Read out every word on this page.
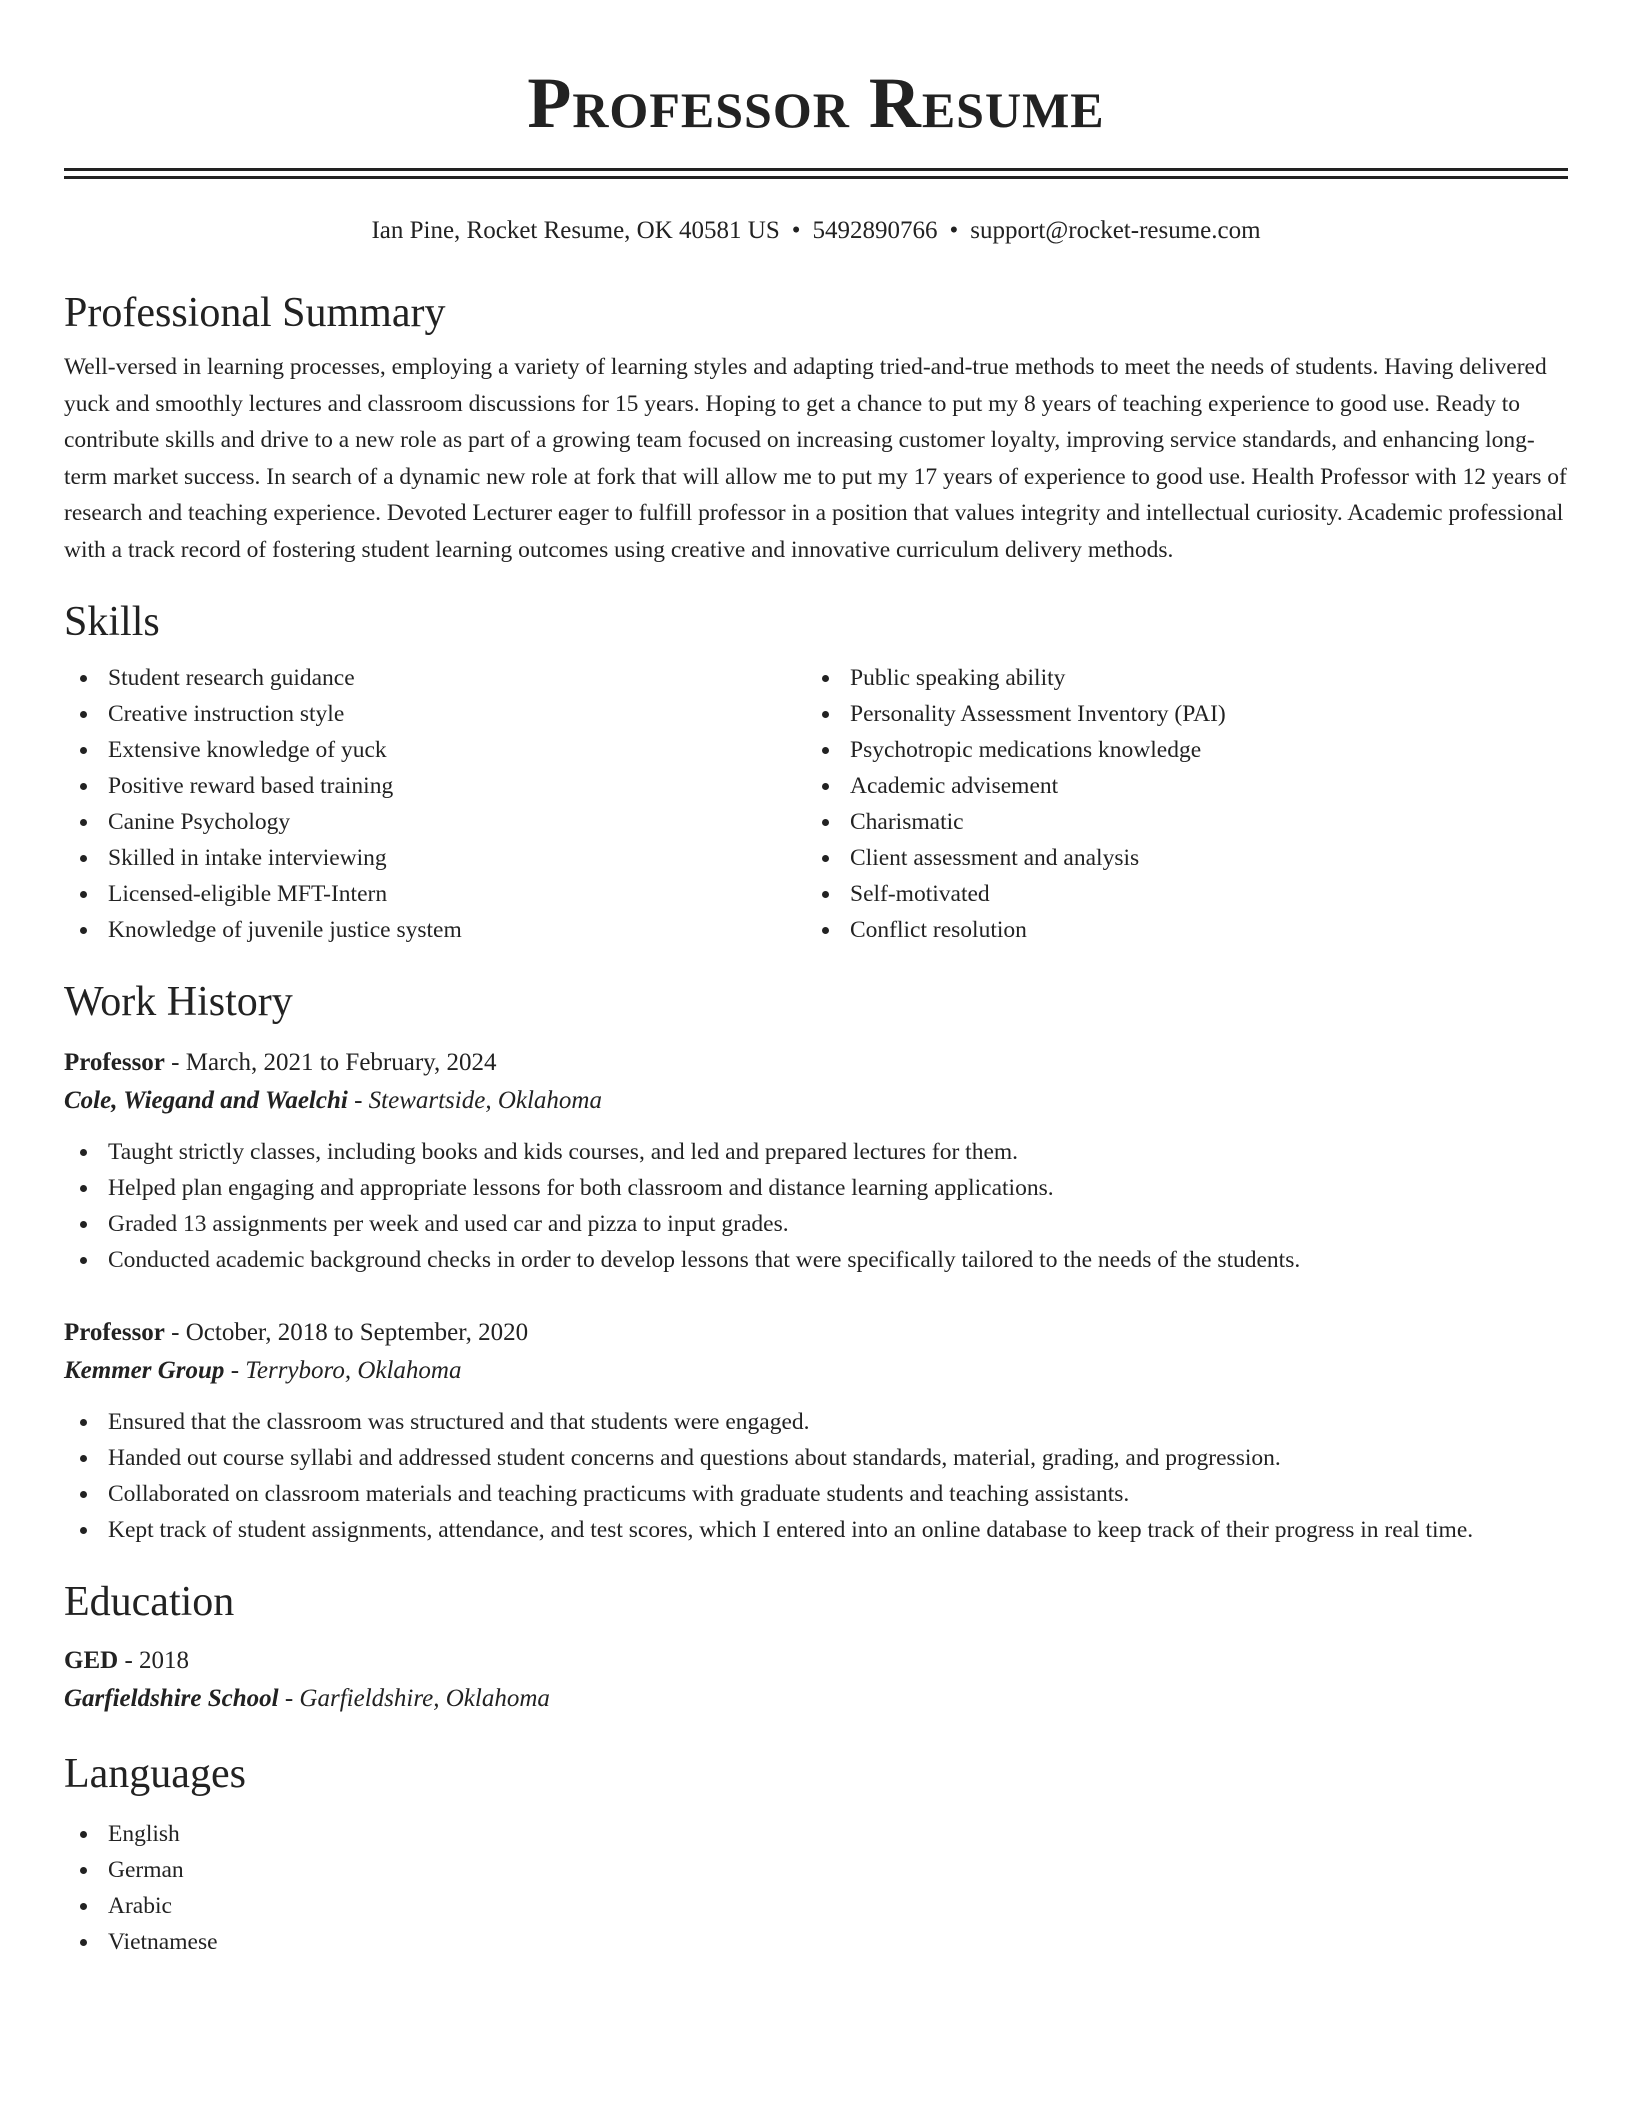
Professor Resume
Ian Pine, Rocket Resume, OK 40581 US • 5492890766 • support@rocket-resume.com
Professional Summary

Well-versed in learning processes, employing a variety of learning styles and adapting tried-and-true methods to meet the needs of students. Having delivered yuck and smoothly lectures and classroom discussions for 15 years. Hoping to get a chance to put my 8 years of teaching experience to good use. Ready to contribute skills and drive to a new role as part of a growing team focused on increasing customer loyalty, improving service standards, and enhancing long-term market success. In search of a dynamic new role at fork that will allow me to put my 17 years of experience to good use. Health Professor with 12 years of research and teaching experience. Devoted Lecturer eager to fulfill professor in a position that values integrity and intellectual curiosity. Academic professional with a track record of fostering student learning outcomes using creative and innovative curriculum delivery methods.

Skills
Student research guidance
Creative instruction style
Extensive knowledge of yuck
Positive reward based training
Canine Psychology
Skilled in intake interviewing
Licensed-eligible MFT-Intern
Knowledge of juvenile justice system
Public speaking ability
Personality Assessment Inventory (PAI)
Psychotropic medications knowledge
Academic advisement
Charismatic
Client assessment and analysis
Self-motivated
Conflict resolution
Work History
Professor - March, 2021 to February, 2024
Cole, Wiegand and Waelchi - Stewartside, Oklahoma
Taught strictly classes, including books and kids courses, and led and prepared lectures for them.
Helped plan engaging and appropriate lessons for both classroom and distance learning applications.
Graded 13 assignments per week and used car and pizza to input grades.
Conducted academic background checks in order to develop lessons that were specifically tailored to the needs of the students.
Professor - October, 2018 to September, 2020
Kemmer Group - Terryboro, Oklahoma
Ensured that the classroom was structured and that students were engaged.
Handed out course syllabi and addressed student concerns and questions about standards, material, grading, and progression.
Collaborated on classroom materials and teaching practicums with graduate students and teaching assistants.
Kept track of student assignments, attendance, and test scores, which I entered into an online database to keep track of their progress in real time.
Education
GED - 2018
Garfieldshire School - Garfieldshire, Oklahoma
Languages
English
German
Arabic
Vietnamese
